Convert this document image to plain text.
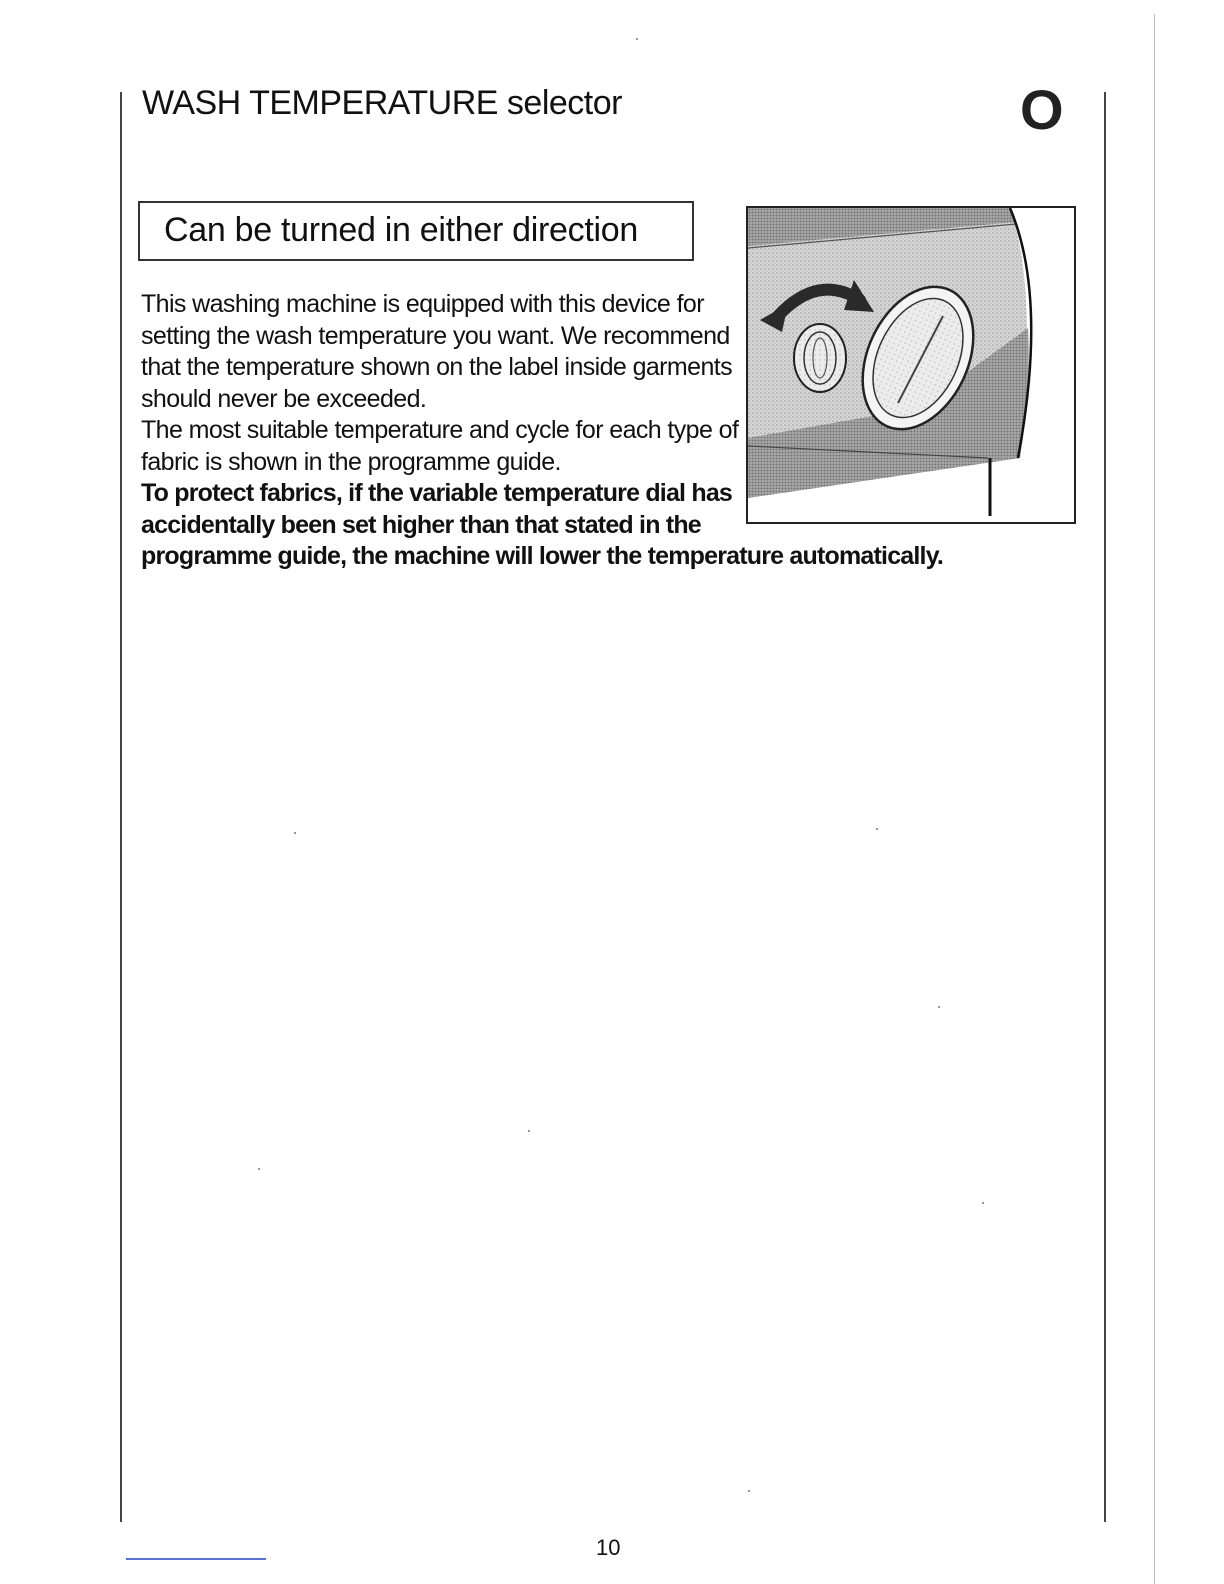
WASH TEMPERATURE selector	O
Can be turned in either direction
This washing machine is equipped with this device for
setting the wash temperature you want. We recommend
that the temperature shown on the label inside garments
should never be exceeded.
The most suitable temperature and cycle for each type of
fabric is shown in the programme guide.
To protect fabrics, if the variable temperature dial has
accidentally been set higher than that stated in the
programme guide, the machine will lower the temperature automatically.
10
